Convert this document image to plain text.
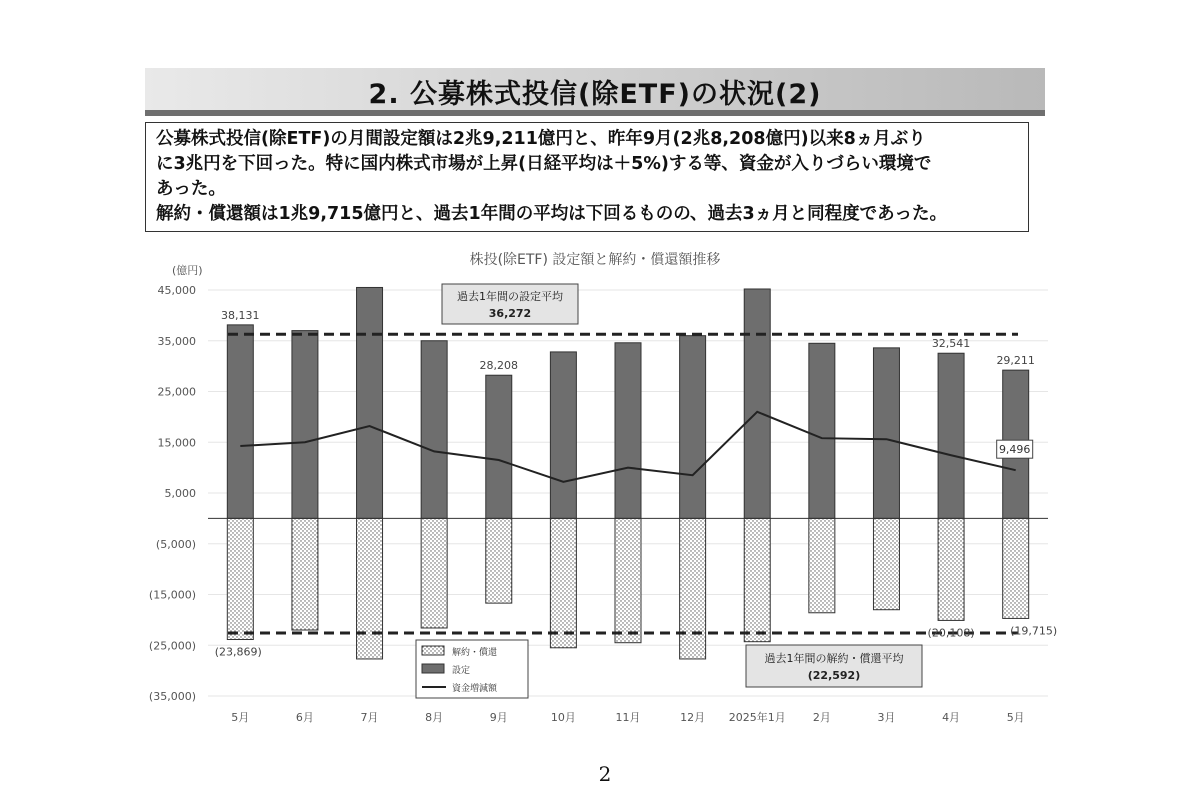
2. 公募株式投信(除ETF)の状況(2)
公募株式投信(除ETF)の月間設定額は2兆9,211億円と、昨年9月(2兆8,208億円)以来8ヵ月ぶり
に3兆円を下回った。特に国内株式市場が上昇(日経平均は＋5%)する等、資金が入りづらい環境で
あった。
解約・償還額は1兆9,715億円と、過去1年間の平均は下回るものの、過去3ヵ月と同程度であった。
株投(除ETF) 設定額と解約・償還額推移
(億円)
45,000
35,000
25,000
15,000
5,000
(5,000)
(15,000)
(25,000)
(35,000)
5月	6月	7月	8月	9月	10月	11月	12月 2025年1月 2月	3月	4月	5月
38,131
28,208
32,541
29,211
(23,869)
(20,108)	(19,715)
9,496
過去1年間の設定平均
36,272
過去1年間の解約・償還平均
(22,592)
解約・償還
設定
資金増減額
2
